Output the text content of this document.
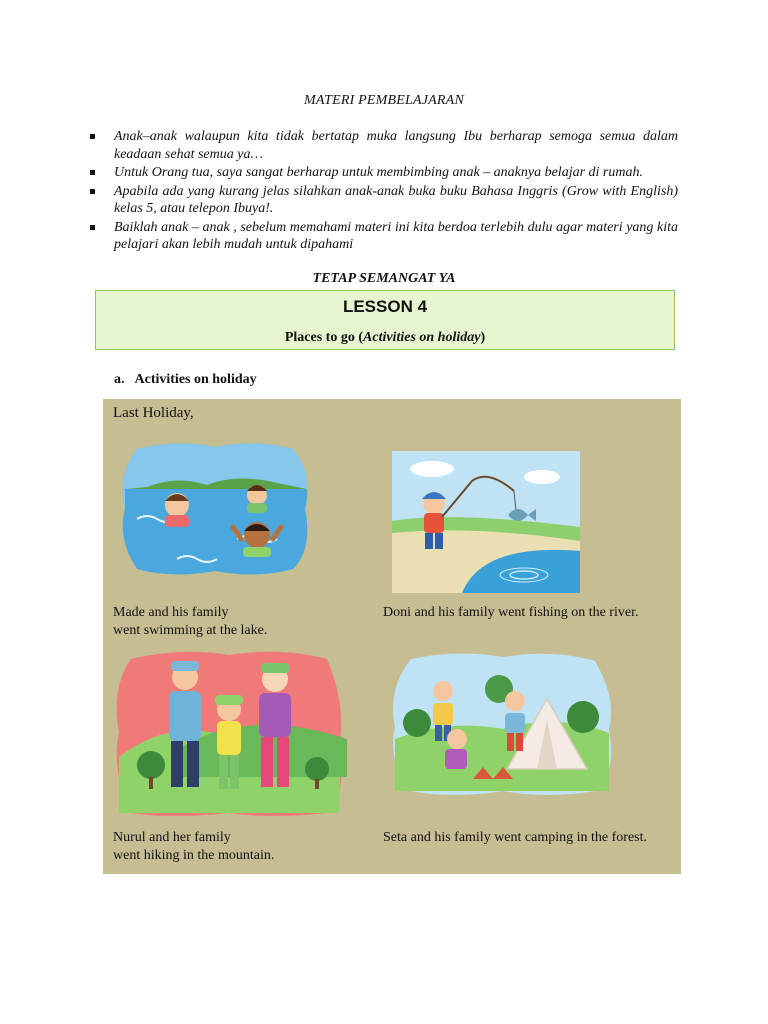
MATERI PEMBELAJARAN
Anak–anak walaupun kita tidak bertatap muka langsung Ibu berharap semoga semua dalam keadaan sehat semua ya…
Untuk Orang tua, saya sangat berharap untuk membimbing anak – anaknya belajar di rumah.
Apabila ada yang kurang jelas silahkan anak-anak buka buku Bahasa Inggris (Grow with English) kelas 5, atau telepon Ibuya!.
Baiklah anak – anak , sebelum memahami materi ini kita berdoa terlebih dulu agar materi yang kita pelajari akan lebih mudah untuk dipahami
TETAP SEMANGAT YA
LESSON 4
Places to go (Activities on holiday)
a. Activities on holiday
Last Holiday,
Made and his family
went swimming at the lake.
Doni and his family went fishing on the river.
Nurul and her family
went hiking in the mountain.
Seta and his family went camping in the forest.
